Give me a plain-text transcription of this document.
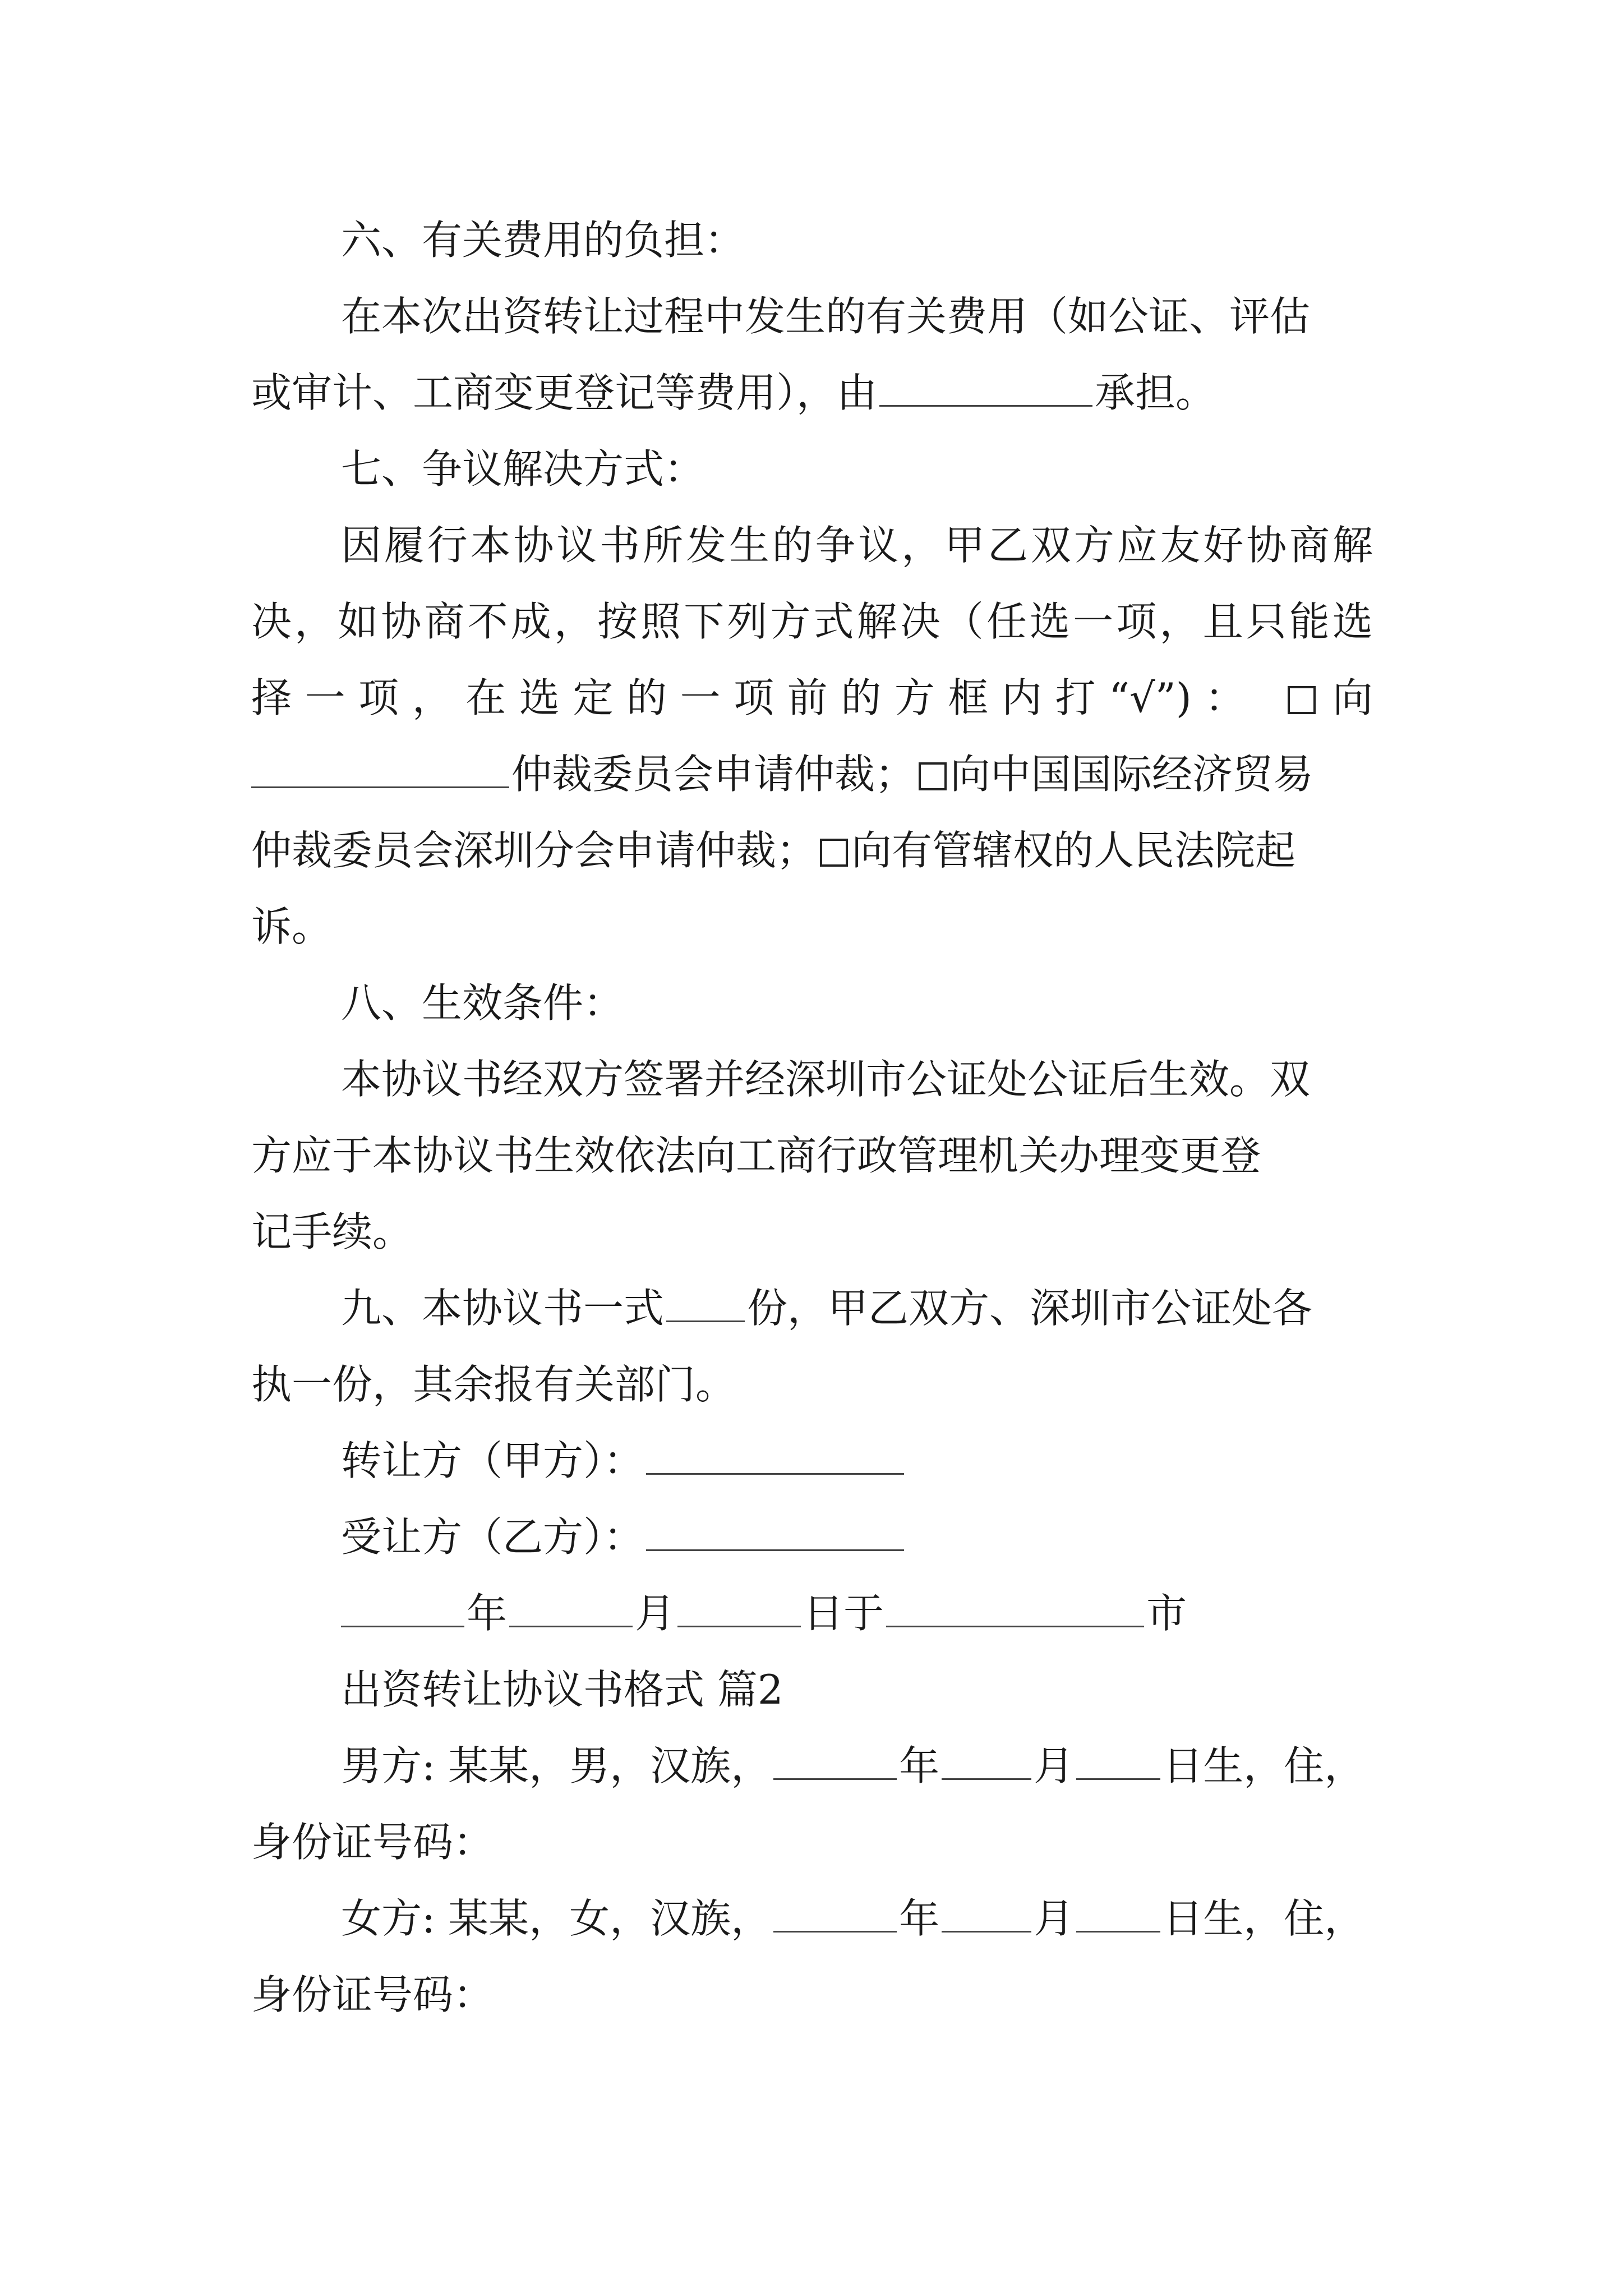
六、有关费用的负担：

在本次出资转让过程中发生的有关费用（如公证、评估

或审计、工商变更登记等费用），由	承担。

七、争议解决方式：

因履行本协议书所发生的争议，甲乙双方应友好协商解

决，如协商不成，按照下列方式解决（任选一项，且只能选

择一项，在选定的一项前的方框内打“√”)： 向

仲裁委员会申请仲裁； 向中国国际经济贸易

仲裁委员会深圳分会申请仲裁； 向有管辖权的人民法院起

诉。

八、生效条件：

本协议书经双方签署并经深圳市公证处公证后生效。双

方应于本协议书生效依法向工商行政管理机关办理变更登

记手续。

九、本协议书一式 份，甲乙双方、深圳市公证处各

执一份，其余报有关部门。

转让方（甲方）：

受让方（乙方）：

年	月	日于	市

出资转让协议书格式 篇2

男方: 某某，男，汉族，	年 月 日生，住，

身份证号码：

女方: 某某，女，汉族，	年 月 日生，住，

身份证号码：
